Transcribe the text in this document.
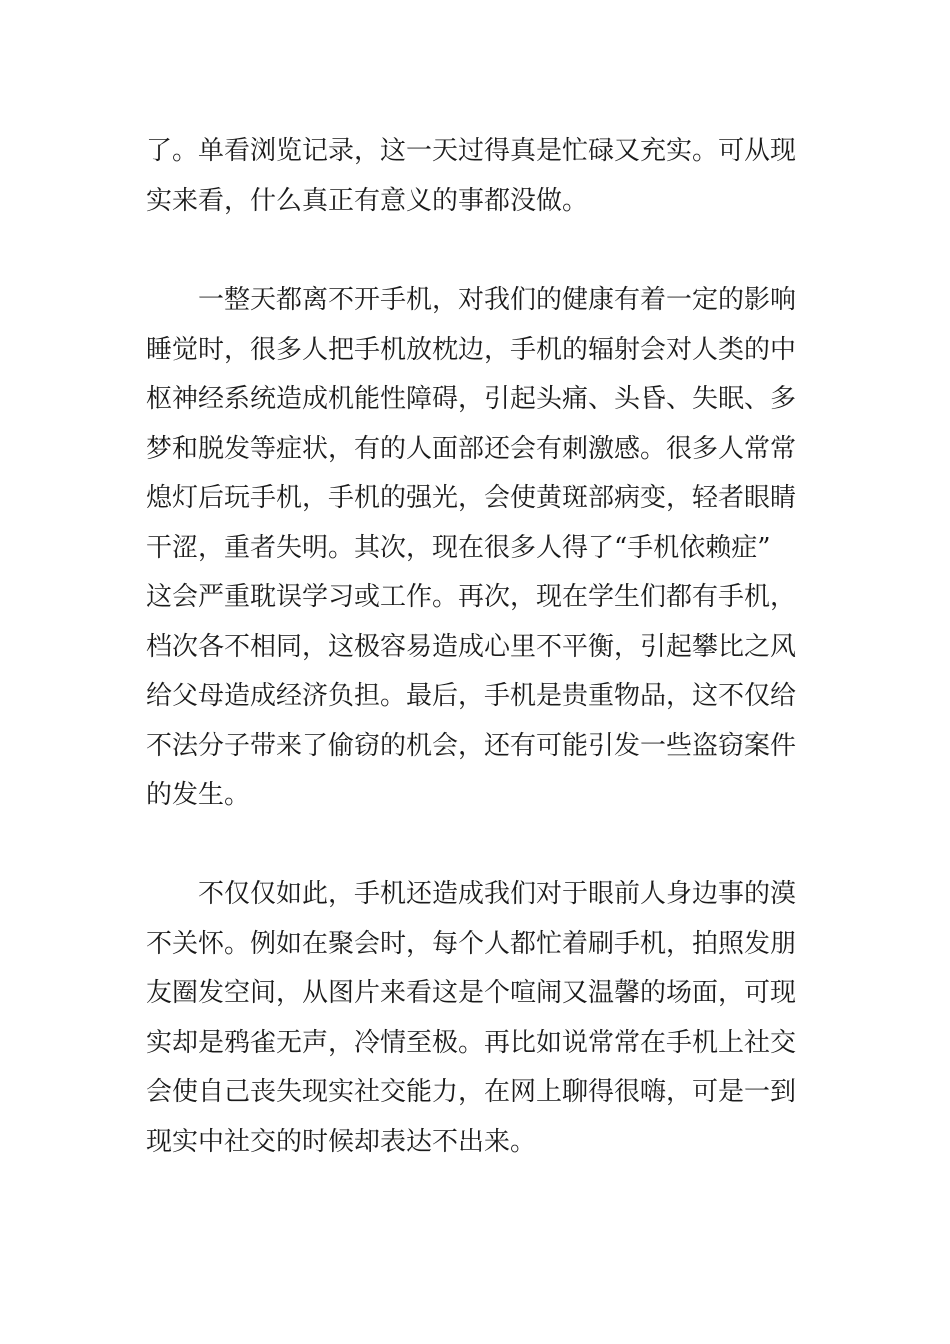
了。单看浏览记录，这一天过得真是忙碌又充实。可从现
实来看，什么真正有意义的事都没做。
　　一整天都离不开手机，对我们的健康有着一定的影响
睡觉时，很多人把手机放枕边，手机的辐射会对人类的中
枢神经系统造成机能性障碍，引起头痛、头昏、失眠、多
梦和脱发等症状，有的人面部还会有刺激感。很多人常常
熄灯后玩手机，手机的强光，会使黄斑部病变，轻者眼睛
干涩，重者失明。其次，现在很多人得了“手机依赖症”
这会严重耽误学习或工作。再次，现在学生们都有手机，
档次各不相同，这极容易造成心里不平衡，引起攀比之风
给父母造成经济负担。最后，手机是贵重物品，这不仅给
不法分子带来了偷窃的机会，还有可能引发一些盗窃案件
的发生。
　　不仅仅如此，手机还造成我们对于眼前人身边事的漠
不关怀。例如在聚会时，每个人都忙着刷手机，拍照发朋
友圈发空间，从图片来看这是个喧闹又温馨的场面，可现
实却是鸦雀无声，冷情至极。再比如说常常在手机上社交
会使自己丧失现实社交能力，在网上聊得很嗨，可是一到
现实中社交的时候却表达不出来。
